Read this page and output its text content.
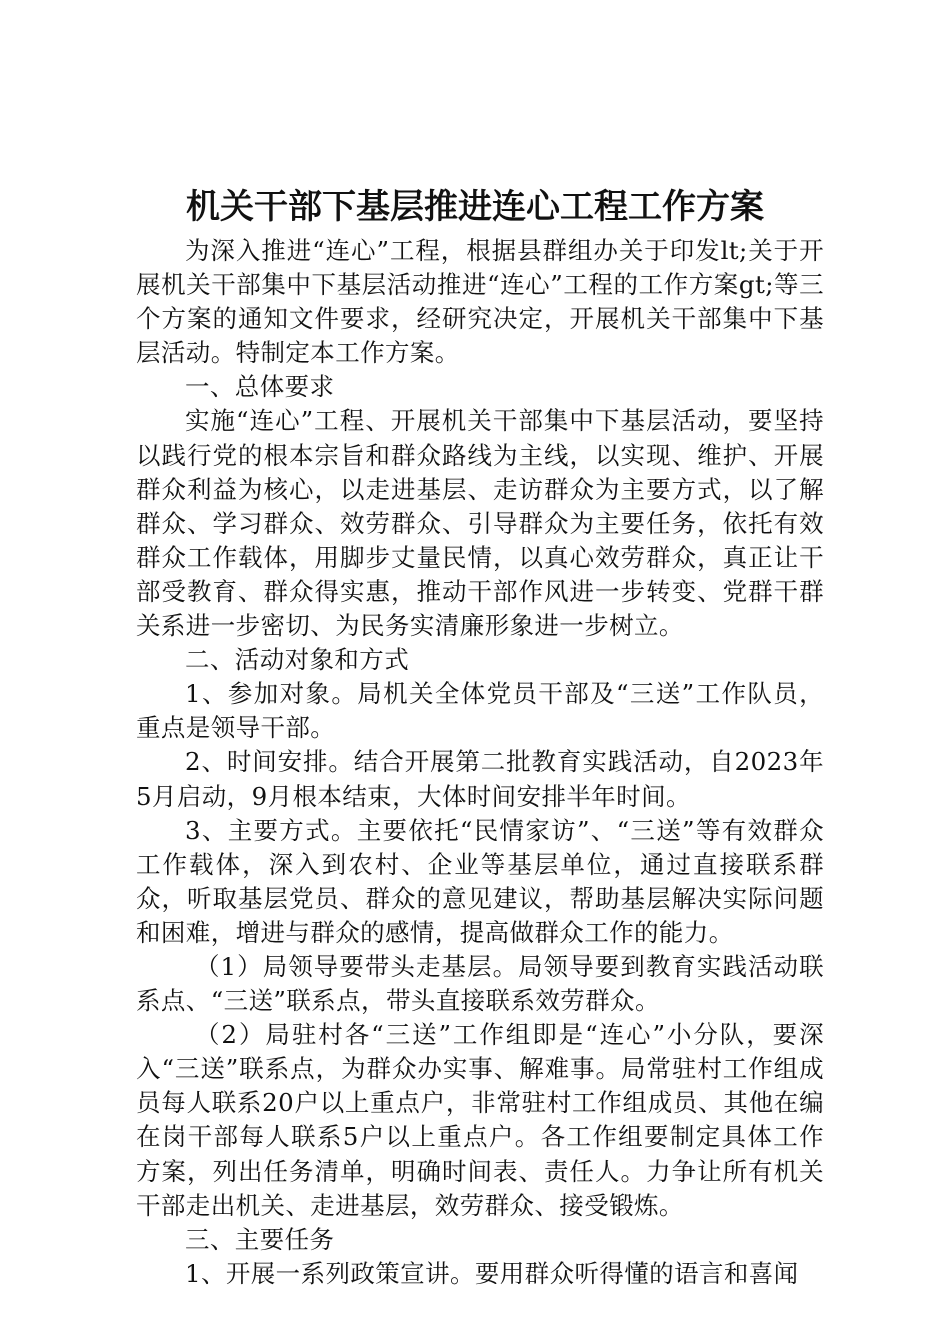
机关干部下基层推进连心工程工作方案

为深入推进“连心”工程，根据县群组办关于印发lt;关于开展机关干部集中下基层活动推进“连心”工程的工作方案gt;等三个方案的通知文件要求，经研究决定，开展机关干部集中下基层活动。特制定本工作方案。

一、总体要求

实施“连心”工程、开展机关干部集中下基层活动，要坚持以践行党的根本宗旨和群众路线为主线，以实现、维护、开展群众利益为核心，以走进基层、走访群众为主要方式，以了解群众、学习群众、效劳群众、引导群众为主要任务，依托有效群众工作载体，用脚步丈量民情，以真心效劳群众，真正让干部受教育、群众得实惠，推动干部作风进一步转变、党群干群关系进一步密切、为民务实清廉形象进一步树立。

二、活动对象和方式

1、参加对象。局机关全体党员干部及“三送”工作队员，重点是领导干部。

2、时间安排。结合开展第二批教育实践活动，自2023年5月启动，9月根本结束，大体时间安排半年时间。

3、主要方式。主要依托“民情家访”、“三送”等有效群众工作载体，深入到农村、企业等基层单位，通过直接联系群众，听取基层党员、群众的意见建议，帮助基层解决实际问题和困难，增进与群众的感情，提高做群众工作的能力。

（1）局领导要带头走基层。局领导要到教育实践活动联系点、“三送”联系点，带头直接联系效劳群众。

（2）局驻村各“三送”工作组即是“连心”小分队，要深入“三送”联系点，为群众办实事、解难事。局常驻村工作组成员每人联系20户以上重点户，非常驻村工作组成员、其他在编在岗干部每人联系5户以上重点户。各工作组要制定具体工作方案，列出任务清单，明确时间表、责任人。力争让所有机关干部走出机关、走进基层，效劳群众、接受锻炼。

三、主要任务

1、开展一系列政策宣讲。要用群众听得懂的语言和喜闻
